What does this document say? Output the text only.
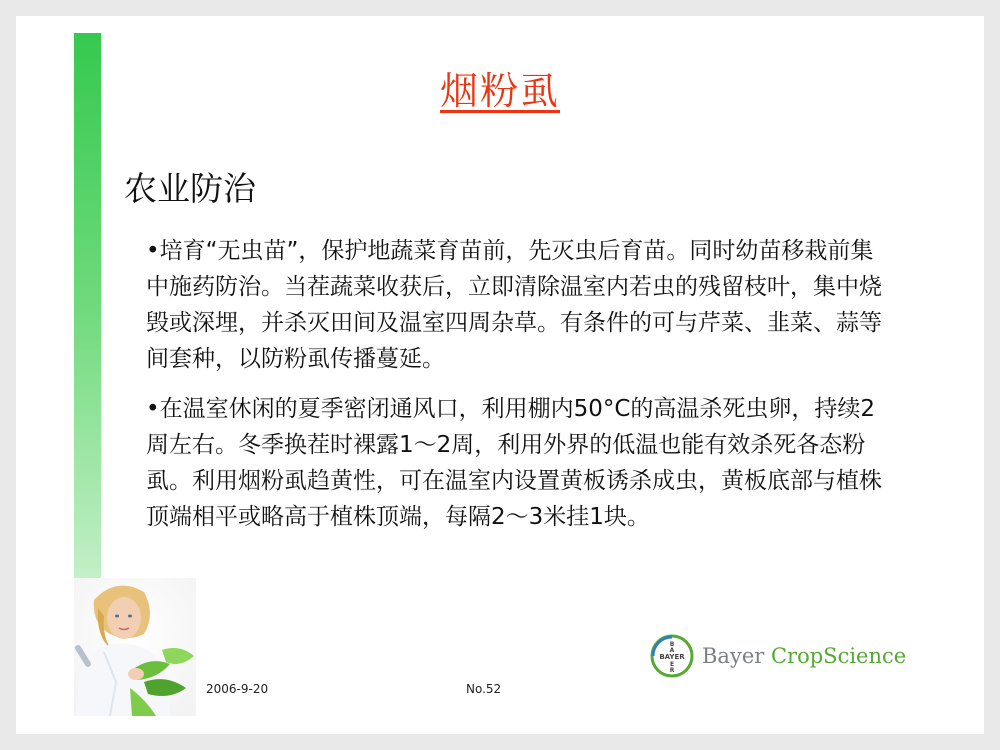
烟粉虱
农业防治

•培育“无虫苗”，保护地蔬菜育苗前，先灭虫后育苗。同时幼苗移栽前集中施药防治。当茬蔬菜收获后，立即清除温室内若虫的残留枝叶，集中烧毁或深埋，并杀灭田间及温室四周杂草。有条件的可与芹菜、韭菜、蒜等间套种，以防粉虱传播蔓延。

•在温室休闲的夏季密闭通风口，利用棚内50°C的高温杀死虫卵，持续2周左右。冬季换茬时裸露1～2周，利用外界的低温也能有效杀死各态粉虱。利用烟粉虱趋黄性，可在温室内设置黄板诱杀成虫，黄板底部与植株顶端相平或略高于植株顶端，每隔2～3米挂1块。

2006-9-20	No.52
BAYER
B
A
E
R
Bayer CropScience
